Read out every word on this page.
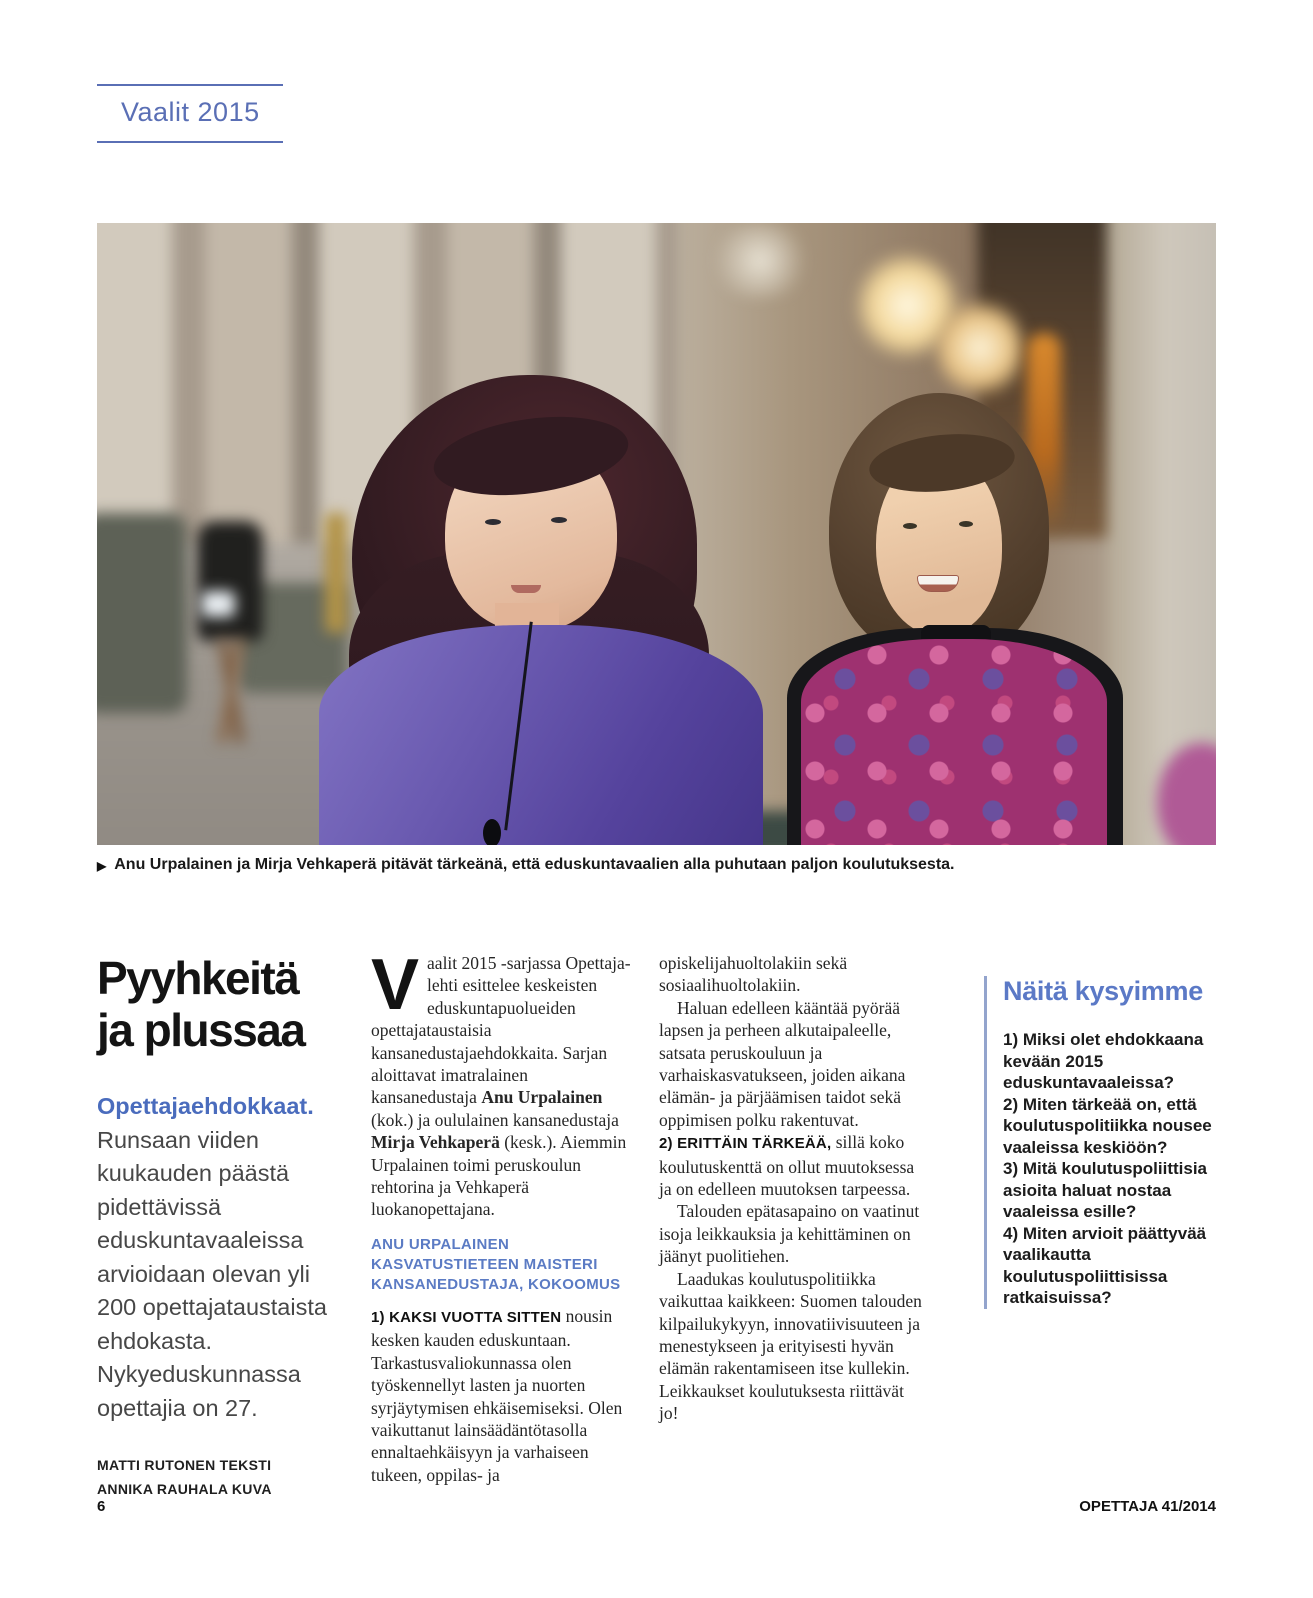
Vaalit 2015
▶ Anu Urpalainen ja Mirja Vehkaperä pitävät tärkeänä, että eduskuntavaalien alla puhutaan paljon koulutuksesta.
Pyyhkeitä
ja plussaa
Opettajaehdokkaat. Runsaan viiden kuukauden päästä pidettävissä eduskuntavaaleissa arvioidaan olevan yli 200 opettajataustaista ehdokasta. Nykyeduskunnassa opettajia on 27.
MATTI RUTONEN TEKSTI
ANNIKA RAUHALA KUVA

Vaalit 2015 -sarjassa Opettaja-lehti esittelee keskeisten eduskuntapuolueiden opettajataustaisia kansanedustajaehdokkaita. Sarjan aloittavat imatralainen kansanedustaja Anu Urpalainen (kok.) ja oululainen kansanedustaja Mirja Vehkaperä (kesk.). Aiemmin Urpalainen toimi peruskoulun rehtorina ja Vehkaperä luokanopettajana.

ANU URPALAINEN
KASVATUSTIETEEN MAISTERI
KANSANEDUSTAJA, KOKOOMUS

1) KAKSI VUOTTA SITTEN nousin kesken kauden eduskuntaan. Tarkastusvaliokunnassa olen työskennellyt lasten ja nuorten syrjäytymisen ehkäisemiseksi. Olen vaikuttanut lainsäädäntötasolla ennaltaehkäisyyn ja varhaiseen tukeen, oppilas- ja

opiskelijahuoltolakiin sekä sosiaalihuoltolakiin.

Haluan edelleen kääntää pyörää lapsen ja perheen alkutaipaleelle, satsata peruskouluun ja varhaiskasvatukseen, joiden aikana elämän- ja pärjäämisen taidot sekä oppimisen polku rakentuvat.

2) ERITTÄIN TÄRKEÄÄ, sillä koko koulutuskenttä on ollut muutoksessa ja on edelleen muutoksen tarpeessa.

Talouden epätasapaino on vaatinut isoja leikkauksia ja kehittäminen on jäänyt puolitiehen.

Laadukas koulutuspolitiikka vaikuttaa kaikkeen: Suomen talouden kilpailukykyyn, innovatiivisuuteen ja menestykseen ja erityisesti hyvän elämän rakentamiseen itse kullekin. Leikkaukset koulutuksesta riittävät jo!

Näitä kysyimme
1) Miksi olet ehdokkaana kevään 2015 eduskuntavaaleissa?
2) Miten tärkeää on, että koulutuspolitiikka nousee vaaleissa keskiöön?
3) Mitä koulutuspoliittisia asioita haluat nostaa vaaleissa esille?
4) Miten arvioit päättyvää vaalikautta koulutuspoliittisissa ratkaisuissa?
6	OPETTAJA 41/2014
